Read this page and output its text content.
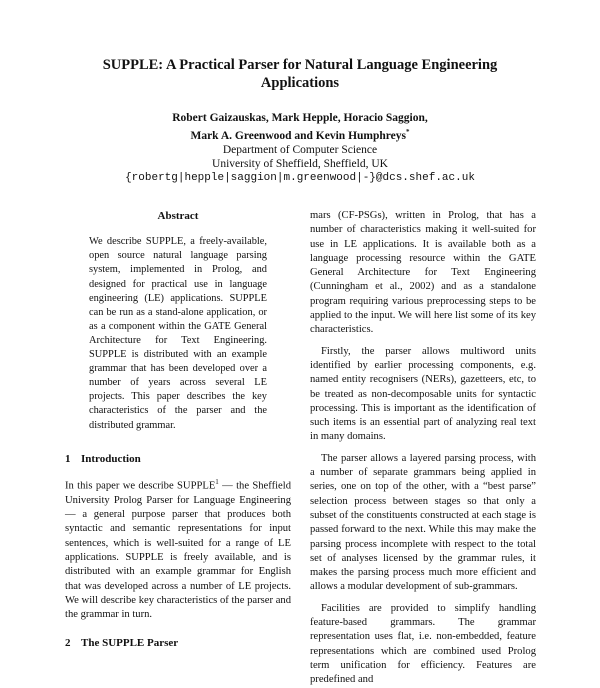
SUPPLE: A Practical Parser for Natural Language Engineering Applications
Robert Gaizauskas, Mark Hepple, Horacio Saggion,
Mark A. Greenwood and Kevin Humphreys*
Department of Computer Science
University of Sheffield, Sheffield, UK
{robertg|hepple|saggion|m.greenwood|-}@dcs.shef.ac.uk
Abstract

We describe SUPPLE, a freely-available, open source natural language parsing system, implemented in Prolog, and designed for practical use in language engineering (LE) applications. SUPPLE can be run as a stand-alone application, or as a component within the GATE General Architecture for Text Engineering. SUPPLE is distributed with an example grammar that has been developed over a number of years across several LE projects. This paper describes the key characteristics of the parser and the distributed grammar.

1 Introduction

In this paper we describe SUPPLE$^1$ — the Sheffield University Prolog Parser for Language Engineering — a general purpose parser that produces both syntactic and semantic representations for input sentences, which is well-suited for a range of LE applications. SUPPLE is freely available, and is distributed with an example grammar for English that was developed across a number of LE projects. We will describe key characteristics of the parser and the grammar in turn.

2 The SUPPLE Parser

mars (CF-PSGs), written in Prolog, that has a number of characteristics making it well-suited for use in LE applications. It is available both as a language processing resource within the GATE General Architecture for Text Engineering (Cunningham et al., 2002) and as a standalone program requiring various preprocessing steps to be applied to the input. We will here list some of its key characteristics.

Firstly, the parser allows multiword units identified by earlier processing components, e.g. named entity recognisers (NERs), gazetteers, etc, to be treated as non-decomposable units for syntactic processing. This is important as the identification of such items is an essential part of analyzing real text in many domains.

The parser allows a layered parsing process, with a number of separate grammars being applied in series, one on top of the other, with a “best parse” selection process between stages so that only a subset of the constituents constructed at each stage is passed forward to the next. While this may make the parsing process incomplete with respect to the total set of analyses licensed by the grammar rules, it makes the parsing process much more efficient and allows a modular development of sub-grammars.

Facilities are provided to simplify handling feature-based grammars. The grammar representation uses flat, i.e. non-embedded, feature representations which are combined used Prolog term unification for efficiency. Features are predefined and
